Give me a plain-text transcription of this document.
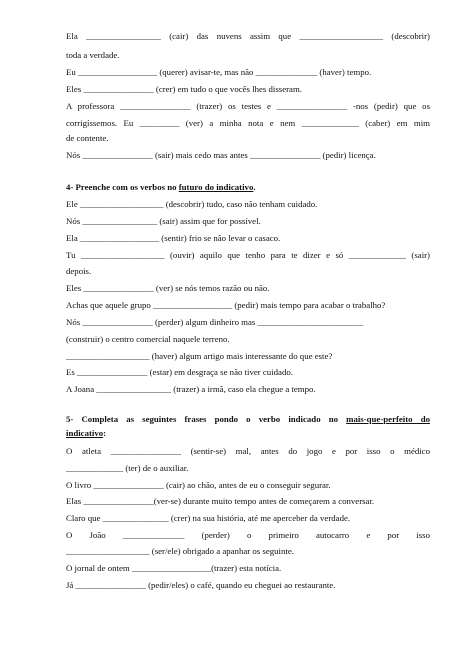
Ela _________________ (cair) das nuvens assim que ___________________ (descobrir)
toda a verdade.
Eu __________________ (querer) avisar-te, mas não ______________ (haver) tempo.
Eles ________________ (crer) em tudo o que vocês lhes disseram.
A professora ________________ (trazer) os testes e ________________ -nos (pedir) que os
corrigíssemos. Eu _________ (ver) a minha nota e nem _____________ (caber) em mim
de contente.
Nós ________________ (sair) mais cedo mas antes ________________ (pedir) licença.
4- Preenche com os verbos no futuro do indicativo.
Ele ___________________ (descobrir) tudo, caso não tenham cuidado.
Nós _________________ (sair) assim que for possível.
Ela __________________ (sentir) frio se não levar o casaco.
Tu ___________________ (ouvir) aquilo que tenho para te dizer e só _____________ (sair)
depois.
Eles ________________ (ver) se nós temos razão ou não.
Achas que aquele grupo __________________ (pedir) mais tempo para acabar o trabalho?
Nós ________________ (perder) algum dinheiro mas ________________________
(construir) o centro comercial naquele terreno.
___________________ (haver) algum artigo mais interessante do que este?
Es ________________ (estar) em desgraça se não tiver cuidado.
A Joana _________________ (trazer) a irmã, caso ela chegue a tempo.
5- Completa as seguintes frases pondo o verbo indicado no mais-que-perfeito do
indicativo:
O atleta ________________ (sentir-se) mal, antes do jogo e por isso o médico
_____________ (ter) de o auxiliar.
O livro ________________ (cair) ao chão, antes de eu o conseguir segurar.
Elas ________________(ver-se) durante muito tempo antes de começarem a conversar.
Claro que _______________ (crer) na sua história, até me aperceber da verdade.
O João ______________ (perder) o primeiro autocarro e por isso
___________________ (ser/ele) obrigado a apanhar os seguinte.
O jornal de ontem __________________(trazer) esta notícia.
Já ________________ (pedir/eles) o café, quando eu cheguei ao restaurante.
